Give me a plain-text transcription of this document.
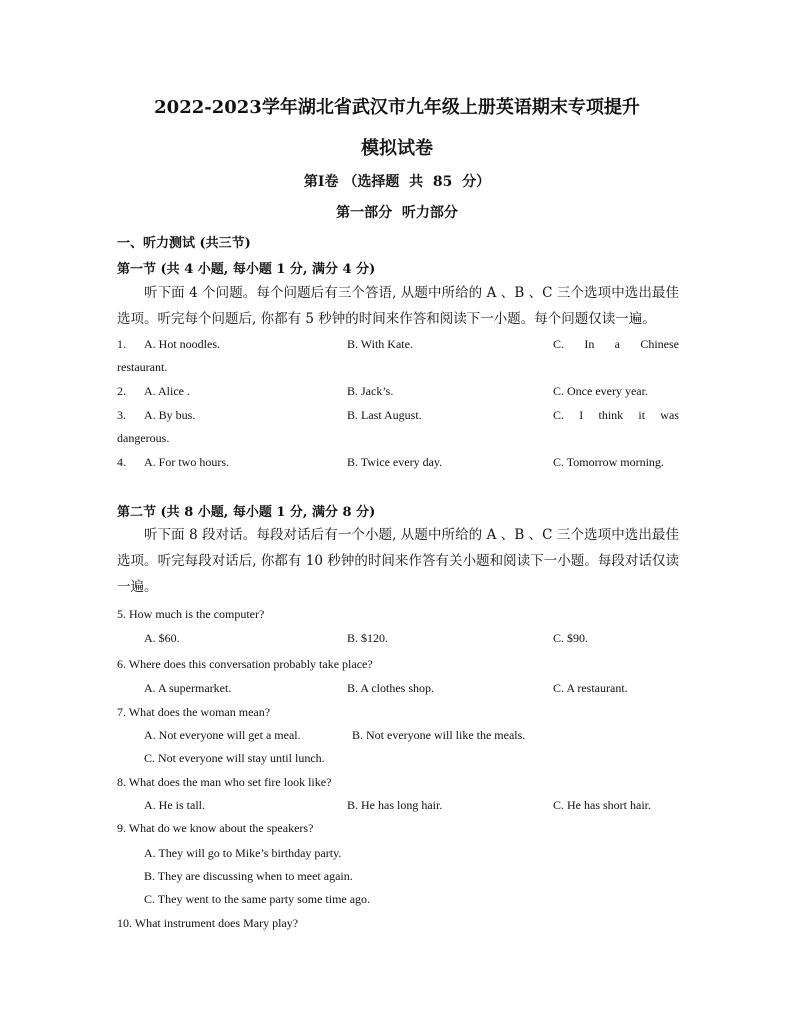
2022-2023学年湖北省武汉市九年级上册英语期末专项提升
模拟试卷
第I卷 （选择题  共  85  分）
第一部分  听力部分
一、听力测试 (共三节)
第一节 (共 4 小题, 每小题 1 分, 满分 4 分)
听下面 4 个问题。每个问题后有三个答语, 从题中所给的 A 、B 、C 三个选项中选出最佳选项。听完每个问题后, 你都有 5 秒钟的时间来作答和阅读下一小题。每个问题仅读一遍。
1. A. Hot noodles.	B. With Kate.	C. In a Chinese
restaurant.
2. A. Alice .	B. Jack’s.	C. Once every year.
3. A. By bus.	B. Last August.	C. I think it was
dangerous.
4. A. For two hours.	B. Twice every day.	C. Tomorrow morning.
第二节 (共 8 小题, 每小题 1 分, 满分 8 分)
听下面 8 段对话。每段对话后有一个小题, 从题中所给的 A 、B 、C 三个选项中选出最佳选项。听完每段对话后, 你都有 10 秒钟的时间来作答有关小题和阅读下一小题。每段对话仅读一遍。
5. How much is the computer?
A. $60.	B. $120.	C. $90.
6. Where does this conversation probably take place?
A. A supermarket.	B. A clothes shop.	C. A restaurant.
7. What does the woman mean?
A. Not everyone will get a meal.	B. Not everyone will like the meals.
C. Not everyone will stay until lunch.
8. What does the man who set fire look like?
A. He is tall.	B. He has long hair.	C. He has short hair.
9. What do we know about the speakers?
A. They will go to Mike’s birthday party.
B. They are discussing when to meet again.
C. They went to the same party some time ago.
10. What instrument does Mary play?
